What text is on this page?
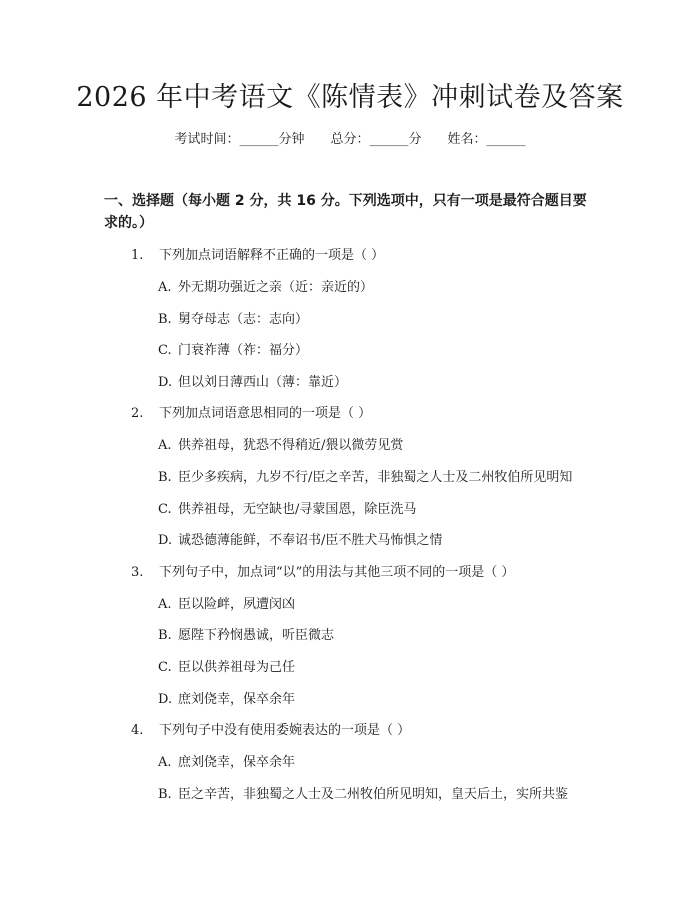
2026 年中考语文《陈情表》冲刺试卷及答案
考试时间：______分钟 总分：______分 姓名：______
一、选择题（每小题 2 分，共 16 分。下列选项中，只有一项是最符合题目要求的。）
1. 下列加点词语解释不正确的一项是（ ）
A. 外无期功强近之亲（近：亲近的）
B. 舅夺母志（志：志向）
C. 门衰祚薄（祚：福分）
D. 但以刘日薄西山（薄：靠近）
2. 下列加点词语意思相同的一项是（ ）
A. 供养祖母，犹恐不得稍近/猥以微劳见赏
B. 臣少多疾病，九岁不行/臣之辛苦，非独蜀之人士及二州牧伯所见明知
C. 供养祖母，无空缺也/寻蒙国恩，除臣洗马
D. 诚恐德薄能鲜，不奉诏书/臣不胜犬马怖惧之情
3. 下列句子中，加点词“以”的用法与其他三项不同的一项是（ ）
A. 臣以险衅，夙遭闵凶
B. 愿陛下矜悯愚诚，听臣微志
C. 臣以供养祖母为己任
D. 庶刘侥幸，保卒余年
4. 下列句子中没有使用委婉表达的一项是（ ）
A. 庶刘侥幸，保卒余年
B. 臣之辛苦，非独蜀之人士及二州牧伯所见明知，皇天后土，实所共鉴
